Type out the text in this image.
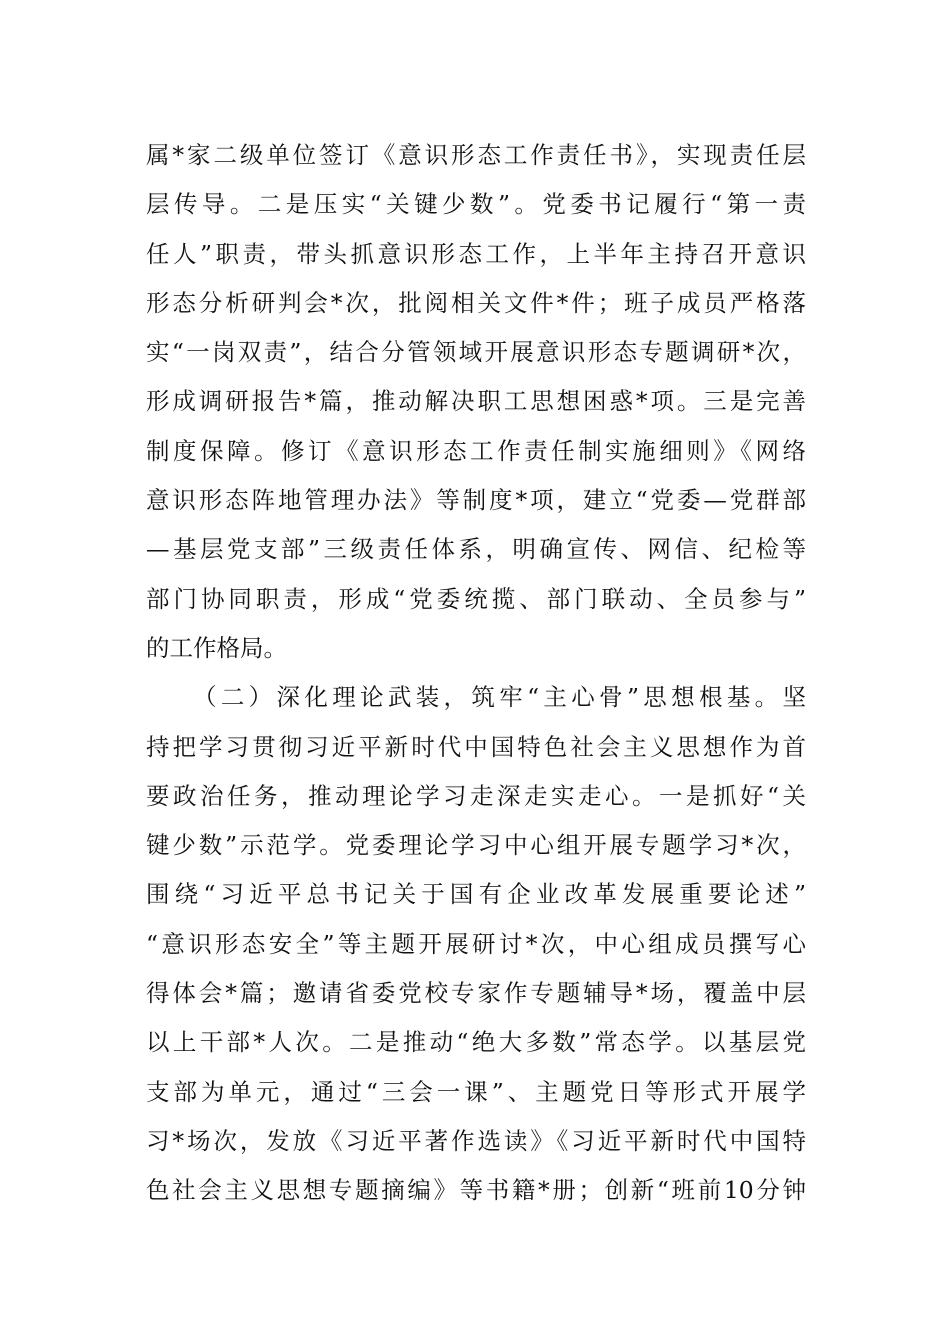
属*家二级单位签订《意识形态工作责任书》，实现责任层
层传导。二是压实“关键少数”。党委书记履行“第一责
任人”职责，带头抓意识形态工作，上半年主持召开意识
形态分析研判会*次，批阅相关文件*件；班子成员严格落
实“一岗双责”，结合分管领域开展意识形态专题调研*次，
形成调研报告*篇，推动解决职工思想困惑*项。三是完善
制度保障。修订《意识形态工作责任制实施细则》《网络
意识形态阵地管理办法》等制度*项，建立“党委—党群部
—基层党支部”三级责任体系，明确宣传、网信、纪检等
部门协同职责，形成“党委统揽、部门联动、全员参与”
的工作格局。
（二）深化理论武装，筑牢“主心骨”思想根基。坚
持把学习贯彻习近平新时代中国特色社会主义思想作为首
要政治任务，推动理论学习走深走实走心。一是抓好“关
键少数”示范学。党委理论学习中心组开展专题学习*次，
围绕“习近平总书记关于国有企业改革发展重要论述”
“意识形态安全”等主题开展研讨*次，中心组成员撰写心
得体会*篇；邀请省委党校专家作专题辅导*场，覆盖中层
以上干部*人次。二是推动“绝大多数”常态学。以基层党
支部为单元，通过“三会一课”、主题党日等形式开展学
习*场次，发放《习近平著作选读》《习近平新时代中国特
色社会主义思想专题摘编》等书籍*册；创新“班前10分钟
